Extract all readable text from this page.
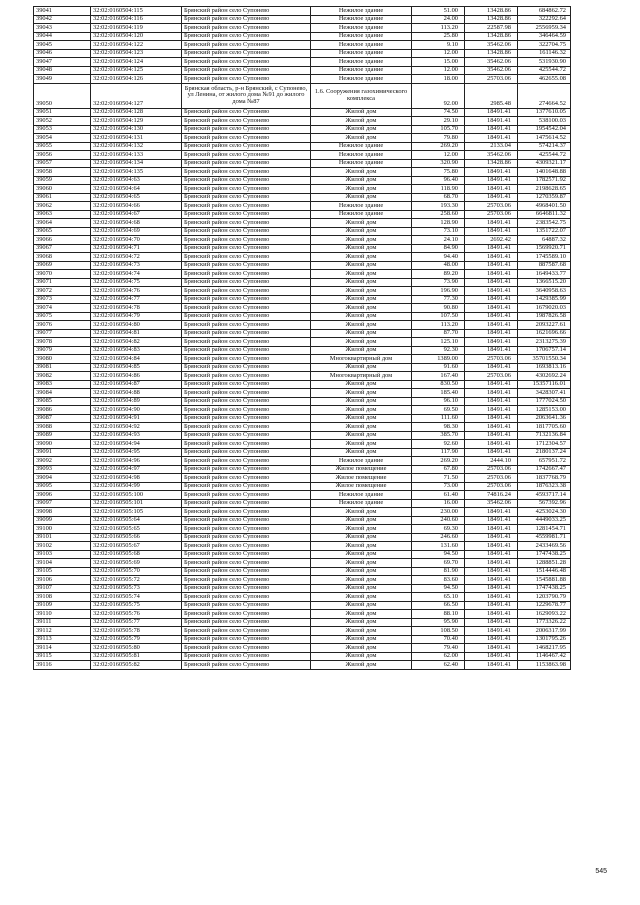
39041	32:02:0160504:115	Брянский район село Супонево	Нежилое здание	51.00	13428.86	684862.72
39042	32:02:0160504:116	Брянский район село Супонево	Нежилое здание	24.00	13428.86	322292.64
39043	32:02:0160504:119	Брянский район село Супонево	Нежилое здание	113.20	22587.98	2556959.34
39044	32:02:0160504:120	Брянский район село Супонево	Нежилое здание	25.80	13428.86	346464.59
39045	32:02:0160504:122	Брянский район село Супонево	Нежилое здание	9.10	35462.06	322704.75
39046	32:02:0160504:123	Брянский район село Супонево	Нежилое здание	12.00	13428.86	161146.32
39047	32:02:0160504:124	Брянский район село Супонево	Нежилое здание	15.00	35462.06	531930.90
39048	32:02:0160504:125	Брянский район село Супонево	Нежилое здание	12.00	35462.06	425544.72
39049	32:02:0160504:126	Брянский район село Супонево	Нежилое здание	18.00	25703.06	462655.08
39050	32:02:0160504:127	Брянская область, р-н Брянский, с Супонево, ул Ленина, от жилого дома №91 до жилого дома №87	1.6. Сооружения газохимического комплекса	92.00	2985.48	274664.52
39051	32:02:0160504:128	Брянский район село Супонево	Жилой дом	74.50	18491.41	1377610.05
39052	32:02:0160504:129	Брянский район село Супонево	Жилой дом	29.10	18491.41	538100.03
39053	32:02:0160504:130	Брянский район село Супонево	Жилой дом	105.70	18491.41	1954542.04
39054	32:02:0160504:131	Брянский район село Супонево	Жилой дом	79.80	18491.41	1475614.52
39055	32:02:0160504:132	Брянский район село Супонево	Нежилое здание	269.20	2133.04	574214.37
39056	32:02:0160504:133	Брянский район село Супонево	Нежилое здание	12.00	35462.06	425544.72
39057	32:02:0160504:134	Брянский район село Супонево	Нежилое здание	320.90	13428.86	4309321.17
39058	32:02:0160504:135	Брянский район село Супонево	Жилой дом	75.80	18491.41	1401648.88
39059	32:02:0160504:63	Брянский район село Супонево	Жилой дом	96.40	18491.41	1782571.92
39060	32:02:0160504:64	Брянский район село Супонево	Жилой дом	118.90	18491.41	2198628.65
39061	32:02:0160504:65	Брянский район село Супонево	Жилой дом	68.70	18491.41	1270359.87
39062	32:02:0160504:66	Брянский район село Супонево	Нежилое здание	193.30	25703.06	4968401.50
39063	32:02:0160504:67	Брянский район село Супонево	Нежилое здание	258.60	25703.06	6646811.32
39064	32:02:0160504:68	Брянский район село Супонево	Жилой дом	128.90	18491.41	2383542.75
39065	32:02:0160504:69	Брянский район село Супонево	Жилой дом	73.10	18491.41	1351722.07
39066	32:02:0160504:70	Брянский район село Супонево	Жилой дом	24.10	2692.42	64887.32
39067	32:02:0160504:71	Брянский район село Супонево	Жилой дом	84.90	18491.41	1569920.71
39068	32:02:0160504:72	Брянский район село Супонево	Жилой дом	94.40	18491.41	1745589.10
39069	32:02:0160504:73	Брянский район село Супонево	Жилой дом	48.00	18491.41	887587.68
39070	32:02:0160504:74	Брянский район село Супонево	Жилой дом	89.20	18491.41	1649433.77
39071	32:02:0160504:75	Брянский район село Супонево	Жилой дом	73.90	18491.41	1366515.20
39072	32:02:0160504:76	Брянский район село Супонево	Жилой дом	196.90	18491.41	3640958.63
39073	32:02:0160504:77	Брянский район село Супонево	Жилой дом	77.30	18491.41	1429385.99
39074	32:02:0160504:78	Брянский район село Супонево	Жилой дом	90.80	18491.41	1679020.03
39075	32:02:0160504:79	Брянский район село Супонево	Жилой дом	107.50	18491.41	1987826.58
39076	32:02:0160504:80	Брянский район село Супонево	Жилой дом	113.20	18491.41	2093227.61
39077	32:02:0160504:81	Брянский район село Супонево	Жилой дом	87.70	18491.41	1621696.66
39078	32:02:0160504:82	Брянский район село Супонево	Жилой дом	125.10	18491.41	2313275.39
39079	32:02:0160504:83	Брянский район село Супонево	Жилой дом	92.30	18491.41	1706757.14
39080	32:02:0160504:84	Брянский район село Супонево	Многоквартирный дом	1389.00	25703.06	35701550.34
39081	32:02:0160504:85	Брянский район село Супонево	Жилой дом	91.60	18491.41	1693813.16
39082	32:02:0160504:86	Брянский район село Супонево	Многоквартирный дом	167.40	25703.06	4302692.24
39083	32:02:0160504:87	Брянский район село Супонево	Жилой дом	830.50	18491.41	15357116.01
39084	32:02:0160504:88	Брянский район село Супонево	Жилой дом	185.40	18491.41	3428307.41
39085	32:02:0160504:89	Брянский район село Супонево	Жилой дом	96.10	18491.41	1777024.50
39086	32:02:0160504:90	Брянский район село Супонево	Жилой дом	69.50	18491.41	1285153.00
39087	32:02:0160504:91	Брянский район село Супонево	Жилой дом	111.60	18491.41	2063641.36
39088	32:02:0160504:92	Брянский район село Супонево	Жилой дом	98.30	18491.41	1817705.60
39089	32:02:0160504:93	Брянский район село Супонево	Жилой дом	385.70	18491.41	7132136.84
39090	32:02:0160504:94	Брянский район село Супонево	Жилой дом	92.60	18491.41	1712304.57
39091	32:02:0160504:95	Брянский район село Супонево	Жилой дом	117.90	18491.41	2180137.24
39092	32:02:0160504:96	Брянский район село Супонево	Нежилое здание	269.20	2444.10	657951.72
39093	32:02:0160504:97	Брянский район село Супонево	Жилое помещение	67.80	25703.06	1742667.47
39094	32:02:0160504:98	Брянский район село Супонево	Жилое помещение	71.50	25703.06	1837768.79
39095	32:02:0160504:99	Брянский район село Супонево	Жилое помещение	73.00	25703.06	1876323.38
39096	32:02:0160505:100	Брянский район село Супонево	Нежилое здание	61.40	74816.24	4593717.14
39097	32:02:0160505:101	Брянский район село Супонево	Нежилое здание	16.00	35462.06	567392.96
39098	32:02:0160505:105	Брянский район село Супонево	Жилой дом	230.00	18491.41	4253024.30
39099	32:02:0160505:64	Брянский район село Супонево	Жилой дом	240.60	18491.41	4449033.25
39100	32:02:0160505:65	Брянский район село Супонево	Жилой дом	69.30	18491.41	1281454.71
39101	32:02:0160505:66	Брянский район село Супонево	Жилой дом	246.60	18491.41	4559981.71
39102	32:02:0160505:67	Брянский район село Супонево	Жилой дом	131.60	18491.41	2433469.56
39103	32:02:0160505:68	Брянский район село Супонево	Жилой дом	94.50	18491.41	1747438.25
39104	32:02:0160505:69	Брянский район село Супонево	Жилой дом	69.70	18491.41	1288851.28
39105	32:02:0160505:70	Брянский район село Супонево	Жилой дом	81.90	18491.41	1514446.48
39106	32:02:0160505:72	Брянский район село Супонево	Жилой дом	83.60	18491.41	1545881.88
39107	32:02:0160505:73	Брянский район село Супонево	Жилой дом	94.50	18491.41	1747438.25
39108	32:02:0160505:74	Брянский район село Супонево	Жилой дом	65.10	18491.41	1203790.79
39109	32:02:0160505:75	Брянский район село Супонево	Жилой дом	66.50	18491.41	1229678.77
39110	32:02:0160505:76	Брянский район село Супонево	Жилой дом	88.10	18491.41	1629093.22
39111	32:02:0160505:77	Брянский район село Супонево	Жилой дом	95.90	18491.41	1773326.22
39112	32:02:0160505:78	Брянский район село Супонево	Жилой дом	108.50	18491.41	2006317.99
39113	32:02:0160505:79	Брянский район село Супонево	Жилой дом	70.40	18491.41	1301795.26
39114	32:02:0160505:80	Брянский район село Супонево	Жилой дом	79.40	18491.41	1468217.95
39115	32:02:0160505:81	Брянский район село Супонево	Жилой дом	62.00	18491.41	1146467.42
39116	32:02:0160505:82	Брянский район село Супонево	Жилой дом	62.40	18491.41	1153863.98
545
